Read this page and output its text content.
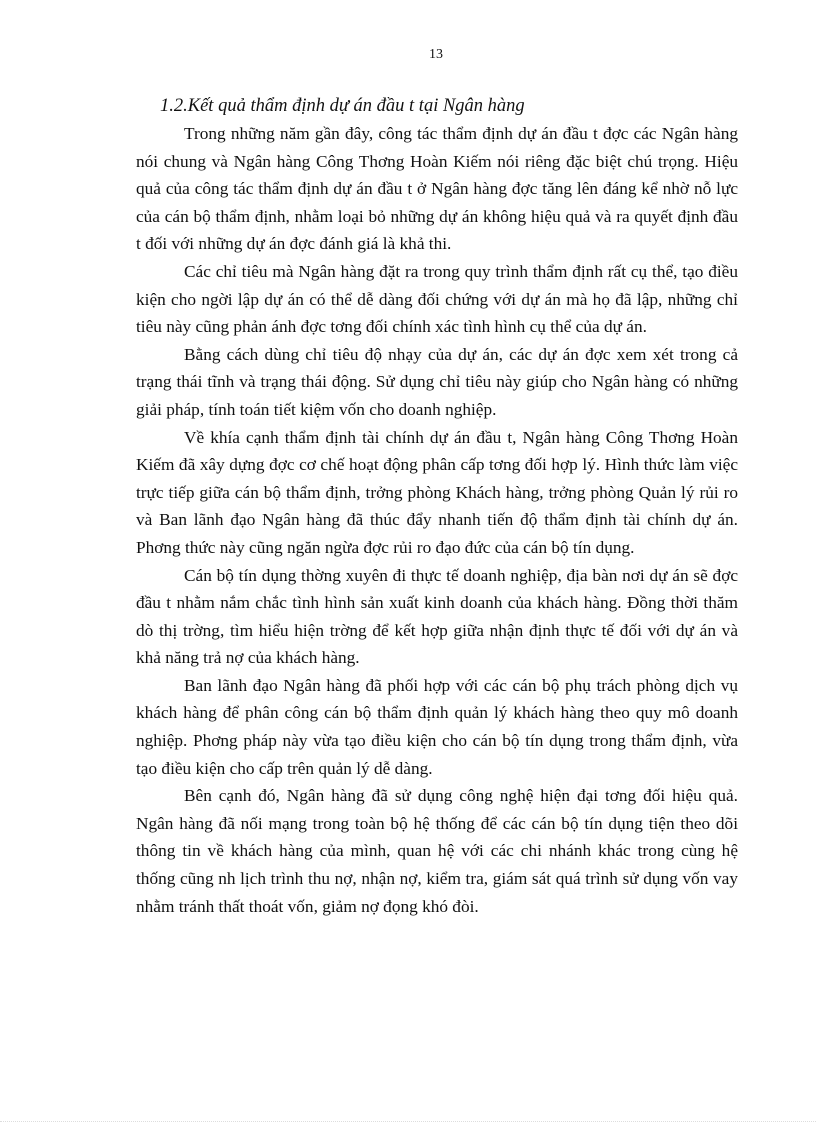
13
1.2.Kết quả thẩm định dự án đầu t tại Ngân hàng

Trong những năm gần đây, công tác thẩm định dự án đầu t đợc các Ngân hàng nói chung và Ngân hàng Công Thơng Hoàn Kiếm nói riêng đặc biệt chú trọng. Hiệu quả của công tác thẩm định dự án đầu t ở Ngân hàng đợc tăng lên đáng kể nhờ nỗ lực của cán bộ thẩm định, nhằm loại bỏ những dự án không hiệu quả và ra quyết định đầu t đối với những dự án đợc đánh giá là khả thi.

Các chỉ tiêu mà Ngân hàng đặt ra trong quy trình thẩm định rất cụ thể, tạo điều kiện cho ngời lập dự án có thể dễ dàng đối chứng với dự án mà họ đã lập, những chỉ tiêu này cũng phản ánh đợc tơng đối chính xác tình hình cụ thể của dự án.

Bằng cách dùng chỉ tiêu độ nhạy của dự án, các dự án đợc xem xét trong cả trạng thái tĩnh và trạng thái động. Sử dụng chỉ tiêu này giúp cho Ngân hàng có những giải pháp, tính toán tiết kiệm vốn cho doanh nghiệp.

Về khía cạnh thẩm định tài chính dự án đầu t, Ngân hàng Công Thơng Hoàn Kiếm đã xây dựng đợc cơ chế hoạt động phân cấp tơng đối hợp lý. Hình thức làm việc trực tiếp giữa cán bộ thẩm định, trởng phòng Khách hàng, trởng phòng Quản lý rủi ro và Ban lãnh đạo Ngân hàng đã thúc đẩy nhanh tiến độ thẩm định tài chính dự án. Phơng thức này cũng ngăn ngừa đợc rủi ro đạo đức của cán bộ tín dụng.

Cán bộ tín dụng thờng xuyên đi thực tế doanh nghiệp, địa bàn nơi dự án sẽ đợc đầu t nhằm nắm chắc tình hình sản xuất kinh doanh của khách hàng. Đồng thời thăm dò thị trờng, tìm hiểu hiện trờng để kết hợp giữa nhận định thực tế đối với dự án và khả năng trả nợ của khách hàng.

Ban lãnh đạo Ngân hàng đã phối hợp với các cán bộ phụ trách phòng dịch vụ khách hàng để phân công cán bộ thẩm định quản lý khách hàng theo quy mô doanh nghiệp. Phơng pháp này vừa tạo điều kiện cho cán bộ tín dụng trong thẩm định, vừa tạo điều kiện cho cấp trên quản lý dễ dàng.

Bên cạnh đó, Ngân hàng đã sử dụng công nghệ hiện đại tơng đối hiệu quả. Ngân hàng đã nối mạng trong toàn bộ hệ thống để các cán bộ tín dụng tiện theo dõi thông tin về khách hàng của mình, quan hệ với các chi nhánh khác trong cùng hệ thống cũng nh lịch trình thu nợ, nhận nợ, kiểm tra, giám sát quá trình sử dụng vốn vay nhằm tránh thất thoát vốn, giảm nợ đọng khó đòi.
